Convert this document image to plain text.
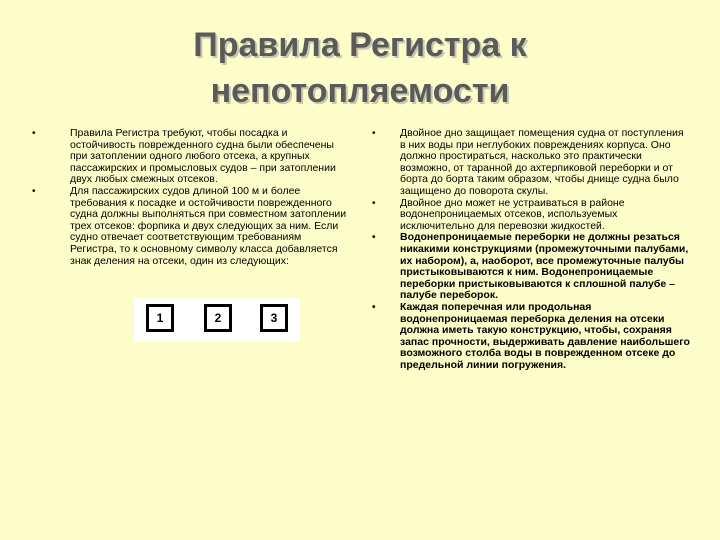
Правила Регистра к
непотопляемости
•	Правила Регистра требуют, чтобы посадка и остойчивость поврежденного судна были обеспечены при затоплении одного любого отсека, а крупных пассажирских и промысловых судов – при затоплении двух любых смежных отсеков.
•	Для пассажирских судов длиной 100 м и более требования к посадке и остойчивости поврежденного судна должны выполняться при совместном затоплении трех отсеков: форпика и двух следующих за ним. Если судно отвечает соответствующим требованиям Регистра, то к основному символу класса добавляется знак деления на отсеки, один из следующих:
1	2	3
• Двойное дно защищает помещения судна от поступления в них воды при неглубоких повреждениях корпуса. Оно должно простираться, насколько это практически возможно, от таранной до ахтерпиковой переборки и от борта до борта таким образом, чтобы днище судна было защищено до поворота скулы.
• Двойное дно может не устраиваться в районе водонепроницаемых отсеков, используемых исключительно для перевозки жидкостей.
• Водонепроницаемые переборки не должны резаться никакими конструкциями (промежуточными палубами, их набором), а, наоборот, все промежуточные палубы пристыковываются к ним. Водонепроницаемые переборки пристыковываются к сплошной палубе – палубе переборок.
• Каждая поперечная или продольная водонепроницаемая переборка деления на отсеки должна иметь такую конструкцию, чтобы, сохраняя запас прочности, выдерживать давление наибольшего возможного столба воды в поврежденном отсеке до предельной линии погружения.
